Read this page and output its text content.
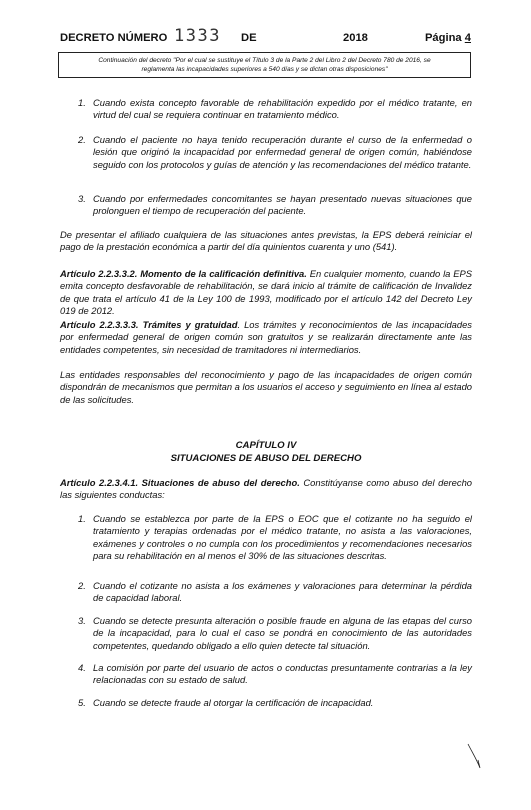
DECRETO NÚMERO 1333 DE	2018	Página 4
Continuación del decreto "Por el cual se sustituye el Título 3 de la Parte 2 del Libro 2 del Decreto 780 de 2016, se
reglamenta las incapacidades superiores a 540 días y se dictan otras disposiciones"
1. Cuando exista concepto favorable de rehabilitación expedido por el médico tratante, en virtud del cual se requiera continuar en tratamiento médico.
2. Cuando el paciente no haya tenido recuperación durante el curso de la enfermedad o lesión que originó la incapacidad por enfermedad general de origen común, habiéndose seguido con los protocolos y guías de atención y las recomendaciones del médico tratante.
3. Cuando por enfermedades concomitantes se hayan presentado nuevas situaciones que prolonguen el tiempo de recuperación del paciente.

De presentar el afiliado cualquiera de las situaciones antes previstas, la EPS deberá reiniciar el pago de la prestación económica a partir del día quinientos cuarenta y uno (541).

Artículo 2.2.3.3.2. Momento de la calificación definitiva. En cualquier momento, cuando la EPS emita concepto desfavorable de rehabilitación, se dará inicio al trámite de calificación de Invalidez de que trata el artículo 41 de la Ley 100 de 1993, modificado por el artículo 142 del Decreto Ley 019 de 2012.

Artículo 2.2.3.3.3. Trámites y gratuidad. Los trámites y reconocimientos de las incapacidades por enfermedad general de origen común son gratuitos y se realizarán directamente ante las entidades competentes, sin necesidad de tramitadores ni intermediarios.

Las entidades responsables del reconocimiento y pago de las incapacidades de origen común dispondrán de mecanismos que permitan a los usuarios el acceso y seguimiento en línea al estado de las solicitudes.

CAPÍTULO IV
SITUACIONES DE ABUSO DEL DERECHO

Artículo 2.2.3.4.1. Situaciones de abuso del derecho. Constitúyanse como abuso del derecho las siguientes conductas:

1. Cuando se establezca por parte de la EPS o EOC que el cotizante no ha seguido el tratamiento y terapias ordenadas por el médico tratante, no asista a las valoraciones, exámenes y controles o no cumpla con los procedimientos y recomendaciones necesarios para su rehabilitación en al menos el 30% de las situaciones descritas.
2. Cuando el cotizante no asista a los exámenes y valoraciones para determinar la pérdida de capacidad laboral.
3. Cuando se detecte presunta alteración o posible fraude en alguna de las etapas del curso de la incapacidad, para lo cual el caso se pondrá en conocimiento de las autoridades competentes, quedando obligado a ello quien detecte tal situación.
4. La comisión por parte del usuario de actos o conductas presuntamente contrarias a la ley relacionadas con su estado de salud.
5. Cuando se detecte fraude al otorgar la certificación de incapacidad.
